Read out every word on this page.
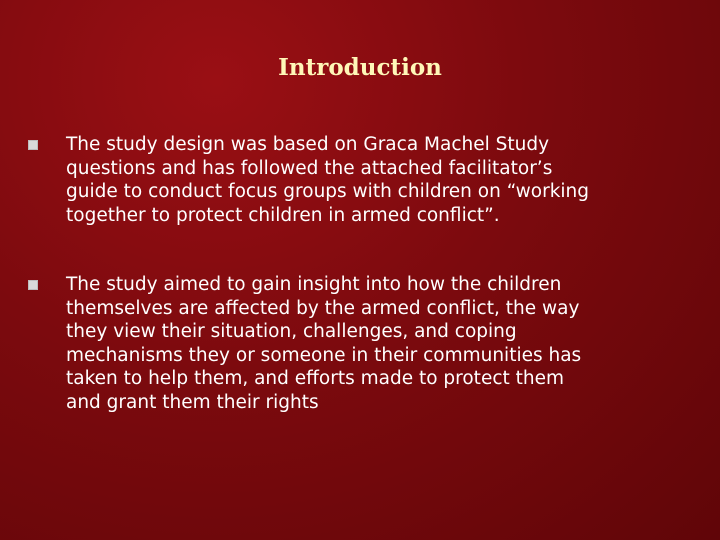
Introduction
The study design was based on Graca Machel Study
questions and has followed the attached facilitator’s
guide to conduct focus groups with children on “working
together to protect children in armed conflict”.
The study aimed to gain insight into how the children
themselves are affected by the armed conflict, the way
they view their situation, challenges, and coping
mechanisms they or someone in their communities has
taken to help them, and efforts made to protect them
and grant them their rights
